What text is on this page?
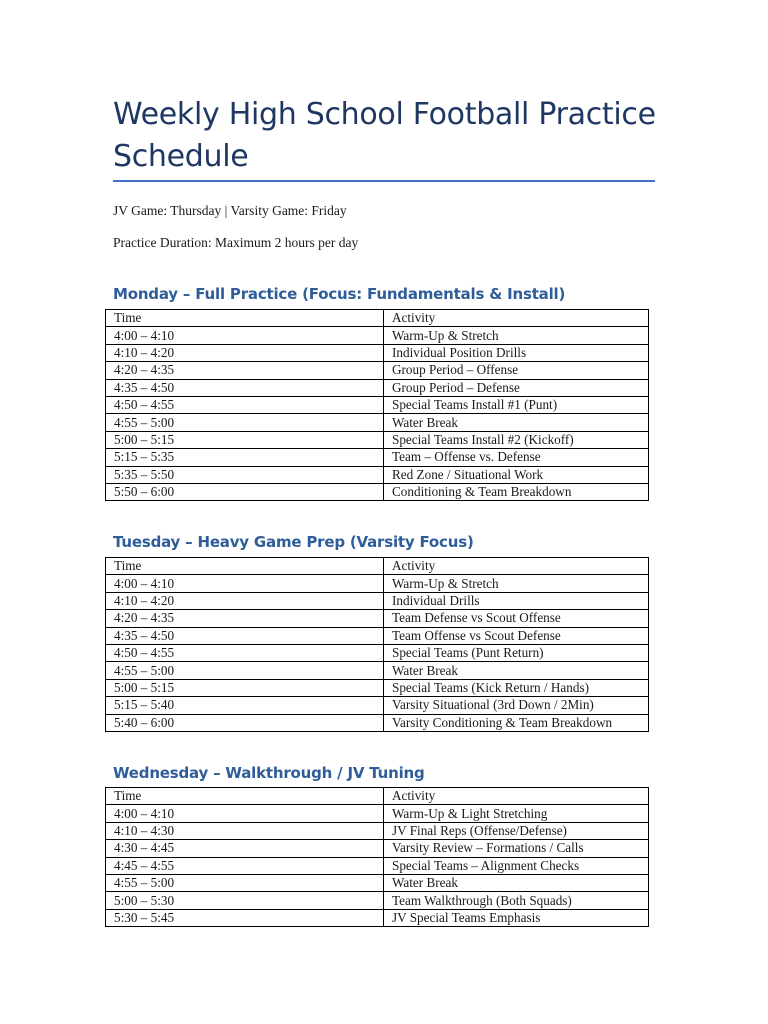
Weekly High School Football Practice Schedule
JV Game: Thursday | Varsity Game: Friday
Practice Duration: Maximum 2 hours per day
Monday – Full Practice (Focus: Fundamentals & Install)
Time	Activity
4:00 – 4:10	Warm-Up & Stretch
4:10 – 4:20	Individual Position Drills
4:20 – 4:35	Group Period – Offense
4:35 – 4:50	Group Period – Defense
4:50 – 4:55	Special Teams Install #1 (Punt)
4:55 – 5:00	Water Break
5:00 – 5:15	Special Teams Install #2 (Kickoff)
5:15 – 5:35	Team – Offense vs. Defense
5:35 – 5:50	Red Zone / Situational Work
5:50 – 6:00	Conditioning & Team Breakdown
Tuesday – Heavy Game Prep (Varsity Focus)
Time	Activity
4:00 – 4:10	Warm-Up & Stretch
4:10 – 4:20	Individual Drills
4:20 – 4:35	Team Defense vs Scout Offense
4:35 – 4:50	Team Offense vs Scout Defense
4:50 – 4:55	Special Teams (Punt Return)
4:55 – 5:00	Water Break
5:00 – 5:15	Special Teams (Kick Return / Hands)
5:15 – 5:40	Varsity Situational (3rd Down / 2Min)
5:40 – 6:00	Varsity Conditioning & Team Breakdown
Wednesday – Walkthrough / JV Tuning
Time	Activity
4:00 – 4:10	Warm-Up & Light Stretching
4:10 – 4:30	JV Final Reps (Offense/Defense)
4:30 – 4:45	Varsity Review – Formations / Calls
4:45 – 4:55	Special Teams – Alignment Checks
4:55 – 5:00	Water Break
5:00 – 5:30	Team Walkthrough (Both Squads)
5:30 – 5:45	JV Special Teams Emphasis
